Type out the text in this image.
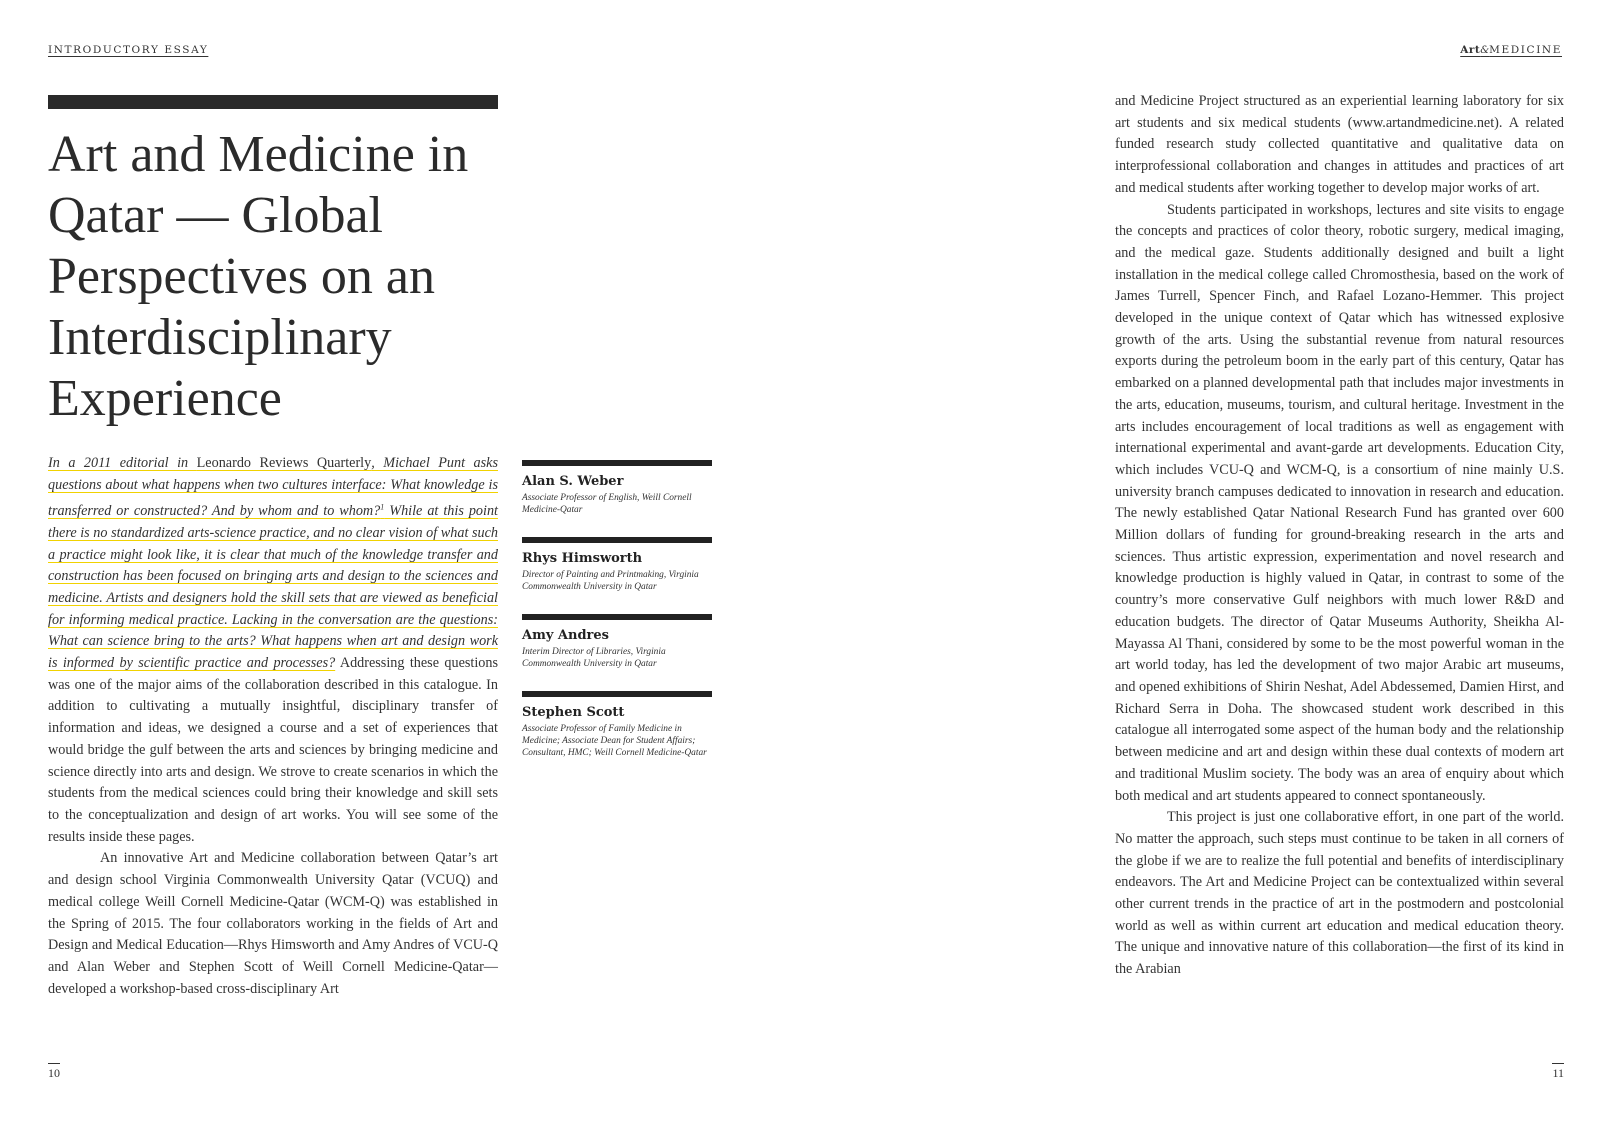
INTRODUCTORY ESSAY	Art&MEDICINE
Art and Medicine in Qatar — Global Perspectives on an Interdisciplinary Experience

In a 2011 editorial in Leonardo Reviews Quarterly, Michael Punt asks questions about what happens when two cultures interface: What knowledge is transferred or constructed? And by whom and to whom?$^1$ While at this point there is no standardized arts-science practice, and no clear vision of what such a practice might look like, it is clear that much of the knowledge transfer and construction has been focused on bringing arts and design to the sciences and medicine. Artists and designers hold the skill sets that are viewed as beneficial for informing medical practice. Lacking in the conversation are the questions: What can science bring to the arts? What happens when art and design work is informed by scientific practice and processes? Addressing these questions was one of the major aims of the collaboration described in this catalogue. In addition to cultivating a mutually insightful, disciplinary transfer of information and ideas, we designed a course and a set of experiences that would bridge the gulf between the arts and sciences by bringing medicine and science directly into arts and design. We strove to create scenarios in which the students from the medical sciences could bring their knowledge and skill sets to the conceptualization and design of art works. You will see some of the results inside these pages.

An innovative Art and Medicine collaboration between Qatar’s art and design school Virginia Commonwealth University Qatar (VCUQ) and medical college Weill Cornell Medicine-Qatar (WCM-Q) was established in the Spring of 2015. The four collaborators working in the fields of Art and Design and Medical Education—Rhys Himsworth and Amy Andres of VCU-Q and Alan Weber and Stephen Scott of Weill Cornell Medicine-Qatar—developed a workshop-based cross-disciplinary Art

Alan S. Weber
Associate Professor of English, Weill Cornell Medicine-Qatar
Rhys Himsworth
Director of Painting and Printmaking, Virginia Commonwealth University in Qatar
Amy Andres
Interim Director of Libraries, Virginia Commonwealth University in Qatar
Stephen Scott
Associate Professor of Family Medicine in Medicine; Associate Dean for Student Affairs; Consultant, HMC; Weill Cornell Medicine-Qatar

and Medicine Project structured as an experiential learning laboratory for six art students and six medical students (www.artandmedicine.net). A related funded research study collected quantitative and qualitative data on interprofessional collaboration and changes in attitudes and practices of art and medical students after working together to develop major works of art.

Students participated in workshops, lectures and site visits to engage the concepts and practices of color theory, robotic surgery, medical imaging, and the medical gaze. Students additionally designed and built a light installation in the medical college called Chromosthesia, based on the work of James Turrell, Spencer Finch, and Rafael Lozano-Hemmer. This project developed in the unique context of Qatar which has witnessed explosive growth of the arts. Using the substantial revenue from natural resources exports during the petroleum boom in the early part of this century, Qatar has embarked on a planned developmental path that includes major investments in the arts, education, museums, tourism, and cultural heritage. Investment in the arts includes encouragement of local traditions as well as engagement with international experimental and avant-garde art developments. Education City, which includes VCU-Q and WCM-Q, is a consortium of nine mainly U.S. university branch campuses dedicated to innovation in research and education. The newly established Qatar National Research Fund has granted over 600 Million dollars of funding for ground-breaking research in the arts and sciences. Thus artistic expression, experimentation and novel research and knowledge production is highly valued in Qatar, in contrast to some of the country’s more conservative Gulf neighbors with much lower R&D and education budgets. The director of Qatar Museums Authority, Sheikha Al-Mayassa Al Thani, considered by some to be the most powerful woman in the art world today, has led the development of two major Arabic art museums, and opened exhibitions of Shirin Neshat, Adel Abdessemed, Damien Hirst, and Richard Serra in Doha. The showcased student work described in this catalogue all interrogated some aspect of the human body and the relationship between medicine and art and design within these dual contexts of modern art and traditional Muslim society. The body was an area of enquiry about which both medical and art students appeared to connect spontaneously.

This project is just one collaborative effort, in one part of the world. No matter the approach, such steps must continue to be taken in all corners of the globe if we are to realize the full potential and benefits of interdisciplinary endeavors. The Art and Medicine Project can be contextualized within several other current trends in the practice of art in the postmodern and postcolonial world as well as within current art education and medical education theory. The unique and innovative nature of this collaboration—the first of its kind in the Arabian

10	11
